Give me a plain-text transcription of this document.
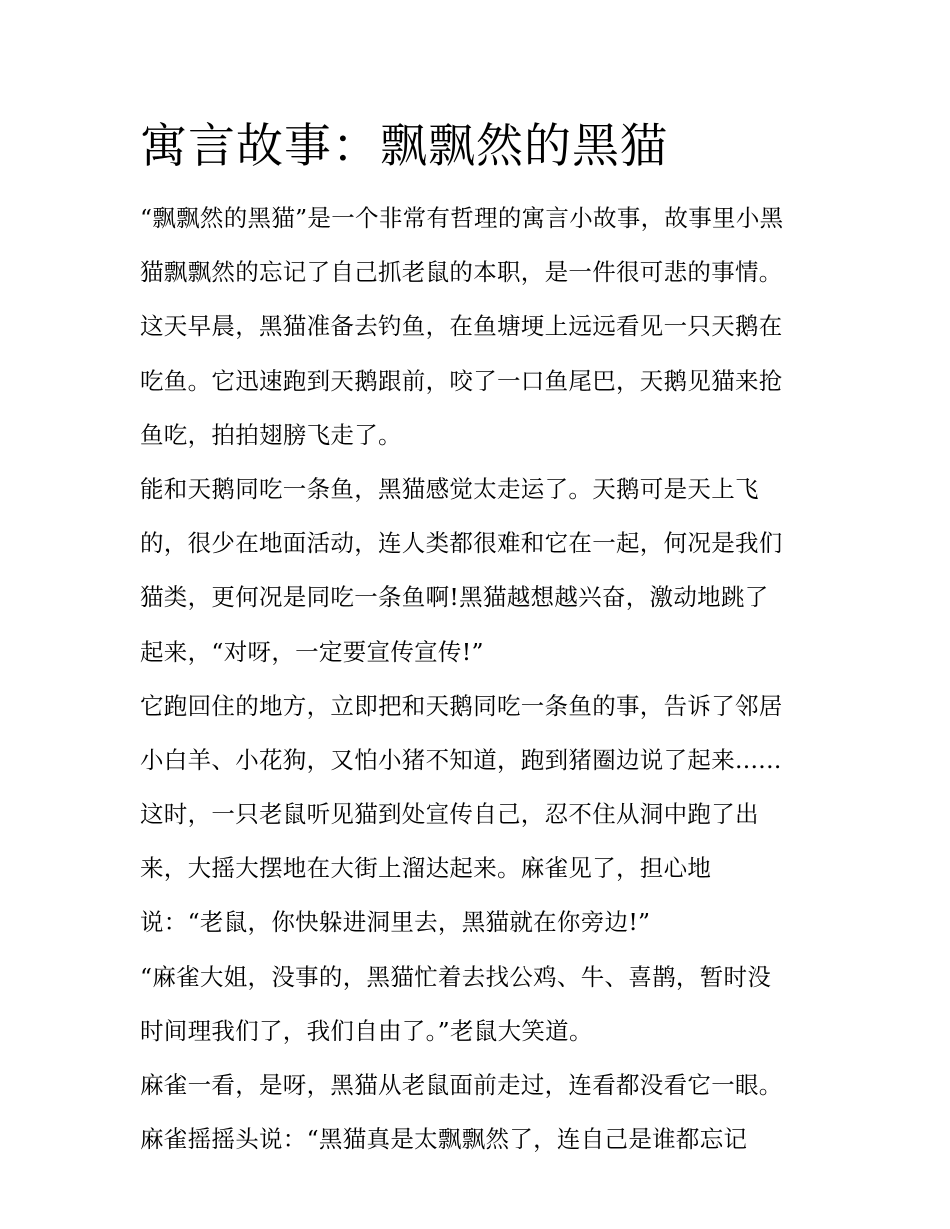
寓言故事：飘飘然的黑猫
“飘飘然的黑猫”是一个非常有哲理的寓言小故事，故事里小黑
猫飘飘然的忘记了自己抓老鼠的本职，是一件很可悲的事情。
这天早晨，黑猫准备去钓鱼，在鱼塘埂上远远看见一只天鹅在
吃鱼。它迅速跑到天鹅跟前，咬了一口鱼尾巴，天鹅见猫来抢
鱼吃，拍拍翅膀飞走了。
能和天鹅同吃一条鱼，黑猫感觉太走运了。天鹅可是天上飞
的，很少在地面活动，连人类都很难和它在一起，何况是我们
猫类，更何况是同吃一条鱼啊!黑猫越想越兴奋，激动地跳了
起来，“对呀，一定要宣传宣传!”
它跑回住的地方，立即把和天鹅同吃一条鱼的事，告诉了邻居
小白羊、小花狗，又怕小猪不知道，跑到猪圈边说了起来......
这时，一只老鼠听见猫到处宣传自己，忍不住从洞中跑了出
来，大摇大摆地在大街上溜达起来。麻雀见了，担心地
说：“老鼠，你快躲进洞里去，黑猫就在你旁边!”
“麻雀大姐，没事的，黑猫忙着去找公鸡、牛、喜鹊，暂时没
时间理我们了，我们自由了。”老鼠大笑道。
麻雀一看，是呀，黑猫从老鼠面前走过，连看都没看它一眼。
麻雀摇摇头说：“黑猫真是太飘飘然了，连自己是谁都忘记
